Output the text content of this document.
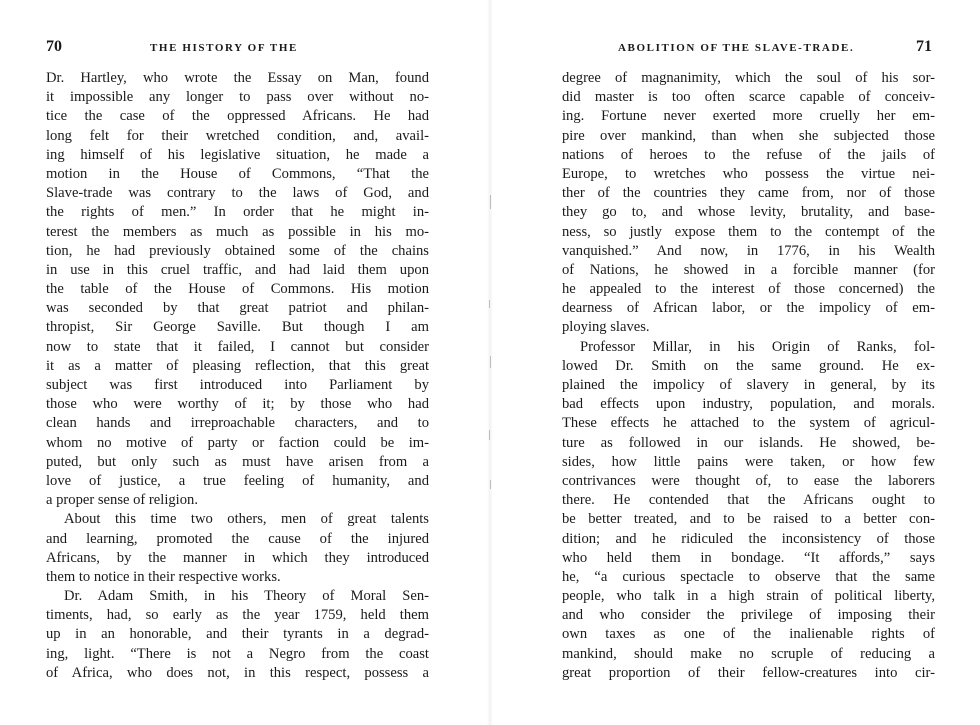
70	THE HISTORY OF THE
Dr. Hartley, who wrote the Essay on Man, found
it impossible any longer to pass over without no-
tice the case of the oppressed Africans. He had
long felt for their wretched condition, and, avail-
ing himself of his legislative situation, he made a
motion in the House of Commons, “That the
Slave-trade was contrary to the laws of God, and
the rights of men.” In order that he might in-
terest the members as much as possible in his mo-
tion, he had previously obtained some of the chains
in use in this cruel traffic, and had laid them upon
the table of the House of Commons. His motion
was seconded by that great patriot and philan-
thropist, Sir George Saville. But though I am
now to state that it failed, I cannot but consider
it as a matter of pleasing reflection, that this great
subject was first introduced into Parliament by
those who were worthy of it; by those who had
clean hands and irreproachable characters, and to
whom no motive of party or faction could be im-
puted, but only such as must have arisen from a
love of justice, a true feeling of humanity, and
a proper sense of religion.
About this time two others, men of great talents
and learning, promoted the cause of the injured
Africans, by the manner in which they introduced
them to notice in their respective works.
Dr. Adam Smith, in his Theory of Moral Sen-
timents, had, so early as the year 1759, held them
up in an honorable, and their tyrants in a degrad-
ing, light. “There is not a Negro from the coast
of Africa, who does not, in this respect, possess a
ABOLITION OF THE SLAVE-TRADE.	71
degree of magnanimity, which the soul of his sor-
did master is too often scarce capable of conceiv-
ing. Fortune never exerted more cruelly her em-
pire over mankind, than when she subjected those
nations of heroes to the refuse of the jails of
Europe, to wretches who possess the virtue nei-
ther of the countries they came from, nor of those
they go to, and whose levity, brutality, and base-
ness, so justly expose them to the contempt of the
vanquished.” And now, in 1776, in his Wealth
of Nations, he showed in a forcible manner (for
he appealed to the interest of those concerned) the
dearness of African labor, or the impolicy of em-
ploying slaves.
Professor Millar, in his Origin of Ranks, fol-
lowed Dr. Smith on the same ground. He ex-
plained the impolicy of slavery in general, by its
bad effects upon industry, population, and morals.
These effects he attached to the system of agricul-
ture as followed in our islands. He showed, be-
sides, how little pains were taken, or how few
contrivances were thought of, to ease the laborers
there. He contended that the Africans ought to
be better treated, and to be raised to a better con-
dition; and he ridiculed the inconsistency of those
who held them in bondage. “It affords,” says
he, “a curious spectacle to observe that the same
people, who talk in a high strain of political liberty,
and who consider the privilege of imposing their
own taxes as one of the inalienable rights of
mankind, should make no scruple of reducing a
great proportion of their fellow-creatures into cir-
